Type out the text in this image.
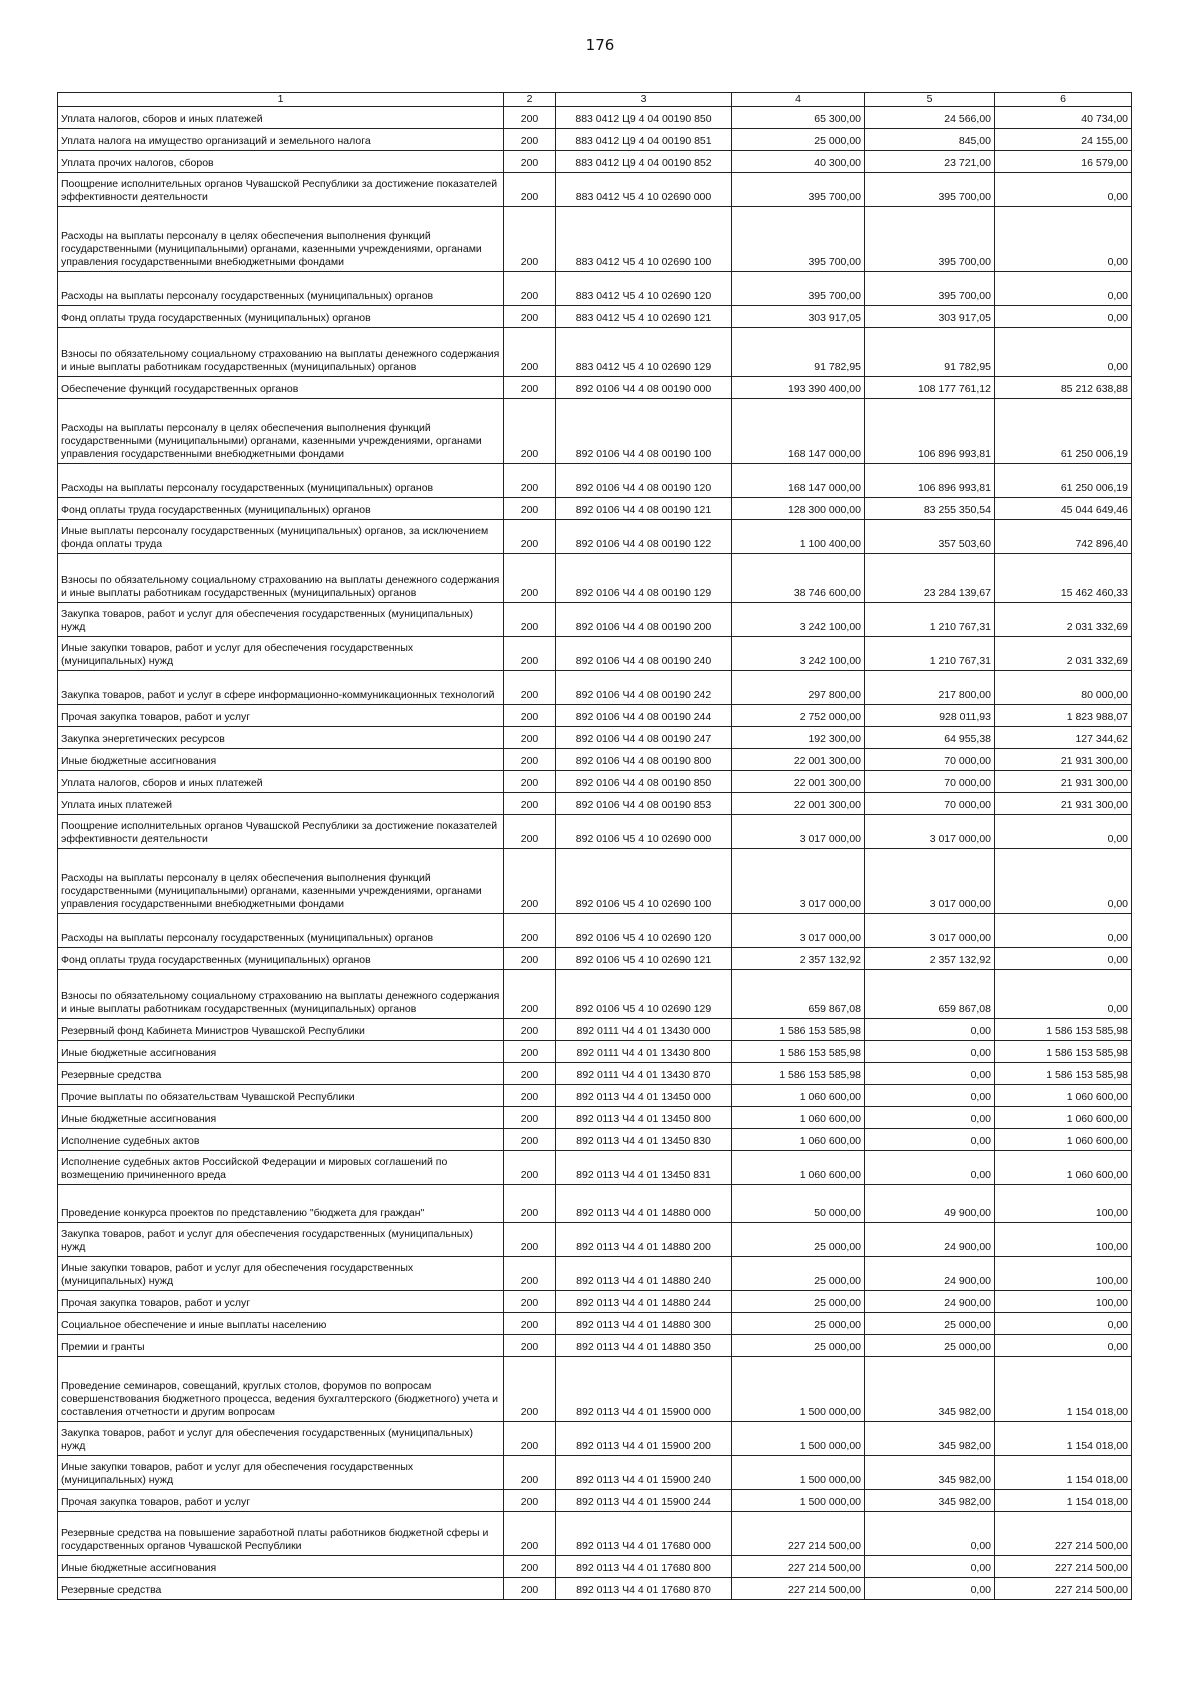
176
1	2	3	4	5	6
Уплата налогов, сборов и иных платежей	200	883 0412 Ц9 4 04 00190 850	65 300,00	24 566,00	40 734,00
Уплата налога на имущество организаций и земельного налога	200	883 0412 Ц9 4 04 00190 851	25 000,00	845,00	24 155,00
Уплата прочих налогов, сборов	200	883 0412 Ц9 4 04 00190 852	40 300,00	23 721,00	16 579,00
Поощрение исполнительных органов Чувашской Республики за достижение показателей эффективности деятельности	200	883 0412 Ч5 4 10 02690 000	395 700,00	395 700,00	0,00
Расходы на выплаты персоналу в целях обеспечения выполнения функций государственными (муниципальными) органами, казенными учреждениями, органами управления государственными внебюджетными фондами	200	883 0412 Ч5 4 10 02690 100	395 700,00	395 700,00	0,00
Расходы на выплаты персоналу государственных (муниципальных) органов	200	883 0412 Ч5 4 10 02690 120	395 700,00	395 700,00	0,00
Фонд оплаты труда государственных (муниципальных) органов	200	883 0412 Ч5 4 10 02690 121	303 917,05	303 917,05	0,00
Взносы по обязательному социальному страхованию на выплаты денежного содержания и иные выплаты работникам государственных (муниципальных) органов	200	883 0412 Ч5 4 10 02690 129	91 782,95	91 782,95	0,00
Обеспечение функций государственных органов	200	892 0106 Ч4 4 08 00190 000	193 390 400,00	108 177 761,12	85 212 638,88
Расходы на выплаты персоналу в целях обеспечения выполнения функций государственными (муниципальными) органами, казенными учреждениями, органами управления государственными внебюджетными фондами	200	892 0106 Ч4 4 08 00190 100	168 147 000,00	106 896 993,81	61 250 006,19
Расходы на выплаты персоналу государственных (муниципальных) органов	200	892 0106 Ч4 4 08 00190 120	168 147 000,00	106 896 993,81	61 250 006,19
Фонд оплаты труда государственных (муниципальных) органов	200	892 0106 Ч4 4 08 00190 121	128 300 000,00	83 255 350,54	45 044 649,46
Иные выплаты персоналу государственных (муниципальных) органов, за исключением фонда оплаты труда	200	892 0106 Ч4 4 08 00190 122	1 100 400,00	357 503,60	742 896,40
Взносы по обязательному социальному страхованию на выплаты денежного содержания и иные выплаты работникам государственных (муниципальных) органов	200	892 0106 Ч4 4 08 00190 129	38 746 600,00	23 284 139,67	15 462 460,33
Закупка товаров, работ и услуг для обеспечения государственных (муниципальных) нужд	200	892 0106 Ч4 4 08 00190 200	3 242 100,00	1 210 767,31	2 031 332,69
Иные закупки товаров, работ и услуг для обеспечения государственных (муниципальных) нужд	200	892 0106 Ч4 4 08 00190 240	3 242 100,00	1 210 767,31	2 031 332,69
Закупка товаров, работ и услуг в сфере информационно-коммуникационных технологий	200	892 0106 Ч4 4 08 00190 242	297 800,00	217 800,00	80 000,00
Прочая закупка товаров, работ и услуг	200	892 0106 Ч4 4 08 00190 244	2 752 000,00	928 011,93	1 823 988,07
Закупка энергетических ресурсов	200	892 0106 Ч4 4 08 00190 247	192 300,00	64 955,38	127 344,62
Иные бюджетные ассигнования	200	892 0106 Ч4 4 08 00190 800	22 001 300,00	70 000,00	21 931 300,00
Уплата налогов, сборов и иных платежей	200	892 0106 Ч4 4 08 00190 850	22 001 300,00	70 000,00	21 931 300,00
Уплата иных платежей	200	892 0106 Ч4 4 08 00190 853	22 001 300,00	70 000,00	21 931 300,00
Поощрение исполнительных органов Чувашской Республики за достижение показателей эффективности деятельности	200	892 0106 Ч5 4 10 02690 000	3 017 000,00	3 017 000,00	0,00
Расходы на выплаты персоналу в целях обеспечения выполнения функций государственными (муниципальными) органами, казенными учреждениями, органами управления государственными внебюджетными фондами	200	892 0106 Ч5 4 10 02690 100	3 017 000,00	3 017 000,00	0,00
Расходы на выплаты персоналу государственных (муниципальных) органов	200	892 0106 Ч5 4 10 02690 120	3 017 000,00	3 017 000,00	0,00
Фонд оплаты труда государственных (муниципальных) органов	200	892 0106 Ч5 4 10 02690 121	2 357 132,92	2 357 132,92	0,00
Взносы по обязательному социальному страхованию на выплаты денежного содержания и иные выплаты работникам государственных (муниципальных) органов	200	892 0106 Ч5 4 10 02690 129	659 867,08	659 867,08	0,00
Резервный фонд Кабинета Министров Чувашской Республики	200	892 0111 Ч4 4 01 13430 000	1 586 153 585,98	0,00	1 586 153 585,98
Иные бюджетные ассигнования	200	892 0111 Ч4 4 01 13430 800	1 586 153 585,98	0,00	1 586 153 585,98
Резервные средства	200	892 0111 Ч4 4 01 13430 870	1 586 153 585,98	0,00	1 586 153 585,98
Прочие выплаты по обязательствам Чувашской Республики	200	892 0113 Ч4 4 01 13450 000	1 060 600,00	0,00	1 060 600,00
Иные бюджетные ассигнования	200	892 0113 Ч4 4 01 13450 800	1 060 600,00	0,00	1 060 600,00
Исполнение судебных актов	200	892 0113 Ч4 4 01 13450 830	1 060 600,00	0,00	1 060 600,00
Исполнение судебных актов Российской Федерации и мировых соглашений по возмещению причиненного вреда	200	892 0113 Ч4 4 01 13450 831	1 060 600,00	0,00	1 060 600,00
Проведение конкурса проектов по представлению "бюджета для граждан"	200	892 0113 Ч4 4 01 14880 000	50 000,00	49 900,00	100,00
Закупка товаров, работ и услуг для обеспечения государственных (муниципальных) нужд	200	892 0113 Ч4 4 01 14880 200	25 000,00	24 900,00	100,00
Иные закупки товаров, работ и услуг для обеспечения государственных (муниципальных) нужд	200	892 0113 Ч4 4 01 14880 240	25 000,00	24 900,00	100,00
Прочая закупка товаров, работ и услуг	200	892 0113 Ч4 4 01 14880 244	25 000,00	24 900,00	100,00
Социальное обеспечение и иные выплаты населению	200	892 0113 Ч4 4 01 14880 300	25 000,00	25 000,00	0,00
Премии и гранты	200	892 0113 Ч4 4 01 14880 350	25 000,00	25 000,00	0,00
Проведение семинаров, совещаний, круглых столов, форумов по вопросам совершенствования бюджетного процесса, ведения бухгалтерского (бюджетного) учета и составления отчетности и другим вопросам	200	892 0113 Ч4 4 01 15900 000	1 500 000,00	345 982,00	1 154 018,00
Закупка товаров, работ и услуг для обеспечения государственных (муниципальных) нужд	200	892 0113 Ч4 4 01 15900 200	1 500 000,00	345 982,00	1 154 018,00
Иные закупки товаров, работ и услуг для обеспечения государственных (муниципальных) нужд	200	892 0113 Ч4 4 01 15900 240	1 500 000,00	345 982,00	1 154 018,00
Прочая закупка товаров, работ и услуг	200	892 0113 Ч4 4 01 15900 244	1 500 000,00	345 982,00	1 154 018,00
Резервные средства на повышение заработной платы работников бюджетной сферы и государственных органов Чувашской Республики	200	892 0113 Ч4 4 01 17680 000	227 214 500,00	0,00	227 214 500,00
Иные бюджетные ассигнования	200	892 0113 Ч4 4 01 17680 800	227 214 500,00	0,00	227 214 500,00
Резервные средства	200	892 0113 Ч4 4 01 17680 870	227 214 500,00	0,00	227 214 500,00
